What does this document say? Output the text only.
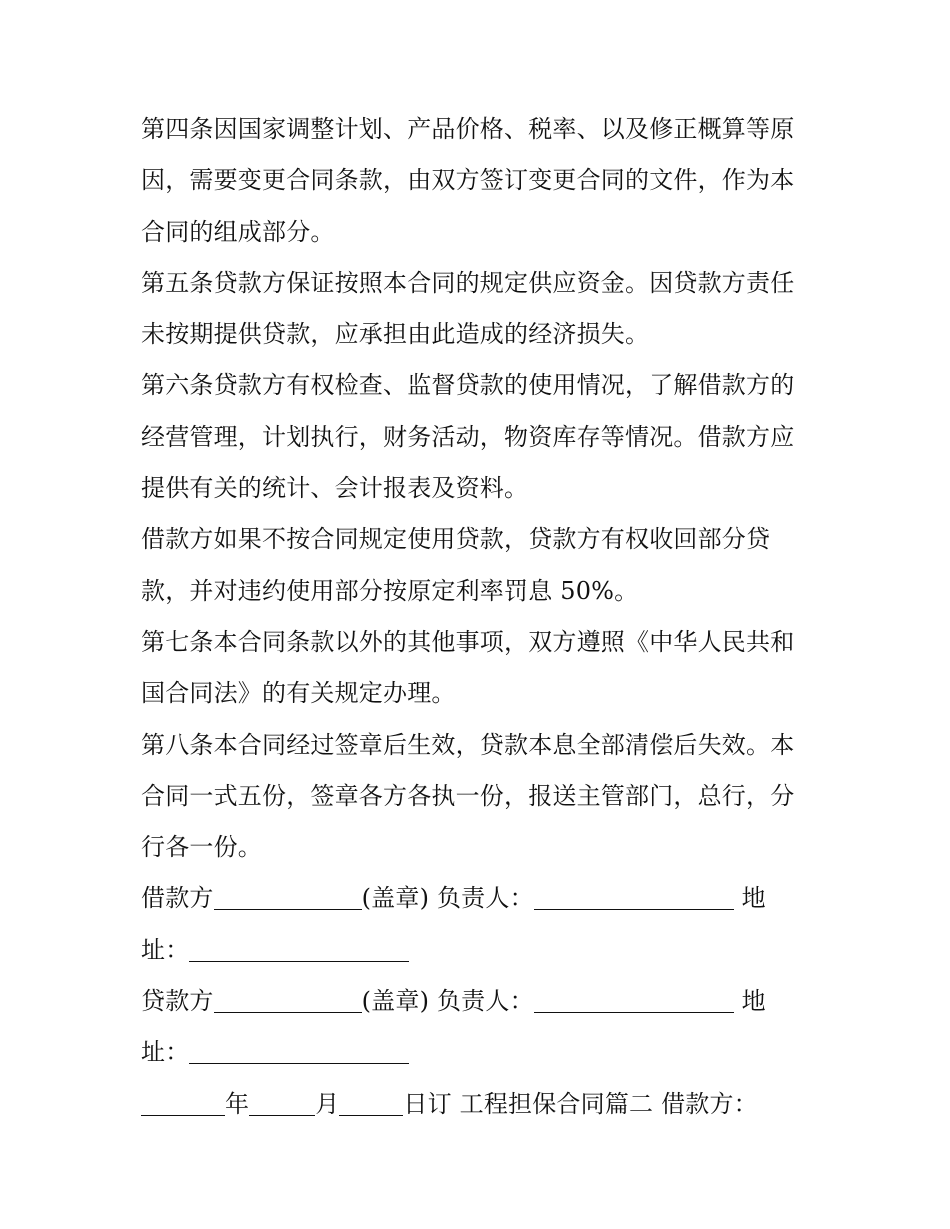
第四条因国家调整计划、产品价格、税率、以及修正概算等原
因，需要变更合同条款，由双方签订变更合同的文件，作为本
合同的组成部分。
第五条贷款方保证按照本合同的规定供应资金。因贷款方责任
未按期提供贷款，应承担由此造成的经济损失。
第六条贷款方有权检查、监督贷款的使用情况，了解借款方的
经营管理，计划执行，财务活动，物资库存等情况。借款方应
提供有关的统计、会计报表及资料。
借款方如果不按合同规定使用贷款，贷款方有权收回部分贷
款，并对违约使用部分按原定利率罚息 50%。
第七条本合同条款以外的其他事项，双方遵照《中华人民共和
国合同法》的有关规定办理。
第八条本合同经过签章后生效，贷款本息全部清偿后失效。本
合同一式五份，签章各方各执一份，报送主管部门，总行，分
行各一份。
借款方	(盖章) 负责人：	地
址：
贷款方	(盖章) 负责人：	地
址：
年	月	日订 工程担保合同篇二 借款方：
